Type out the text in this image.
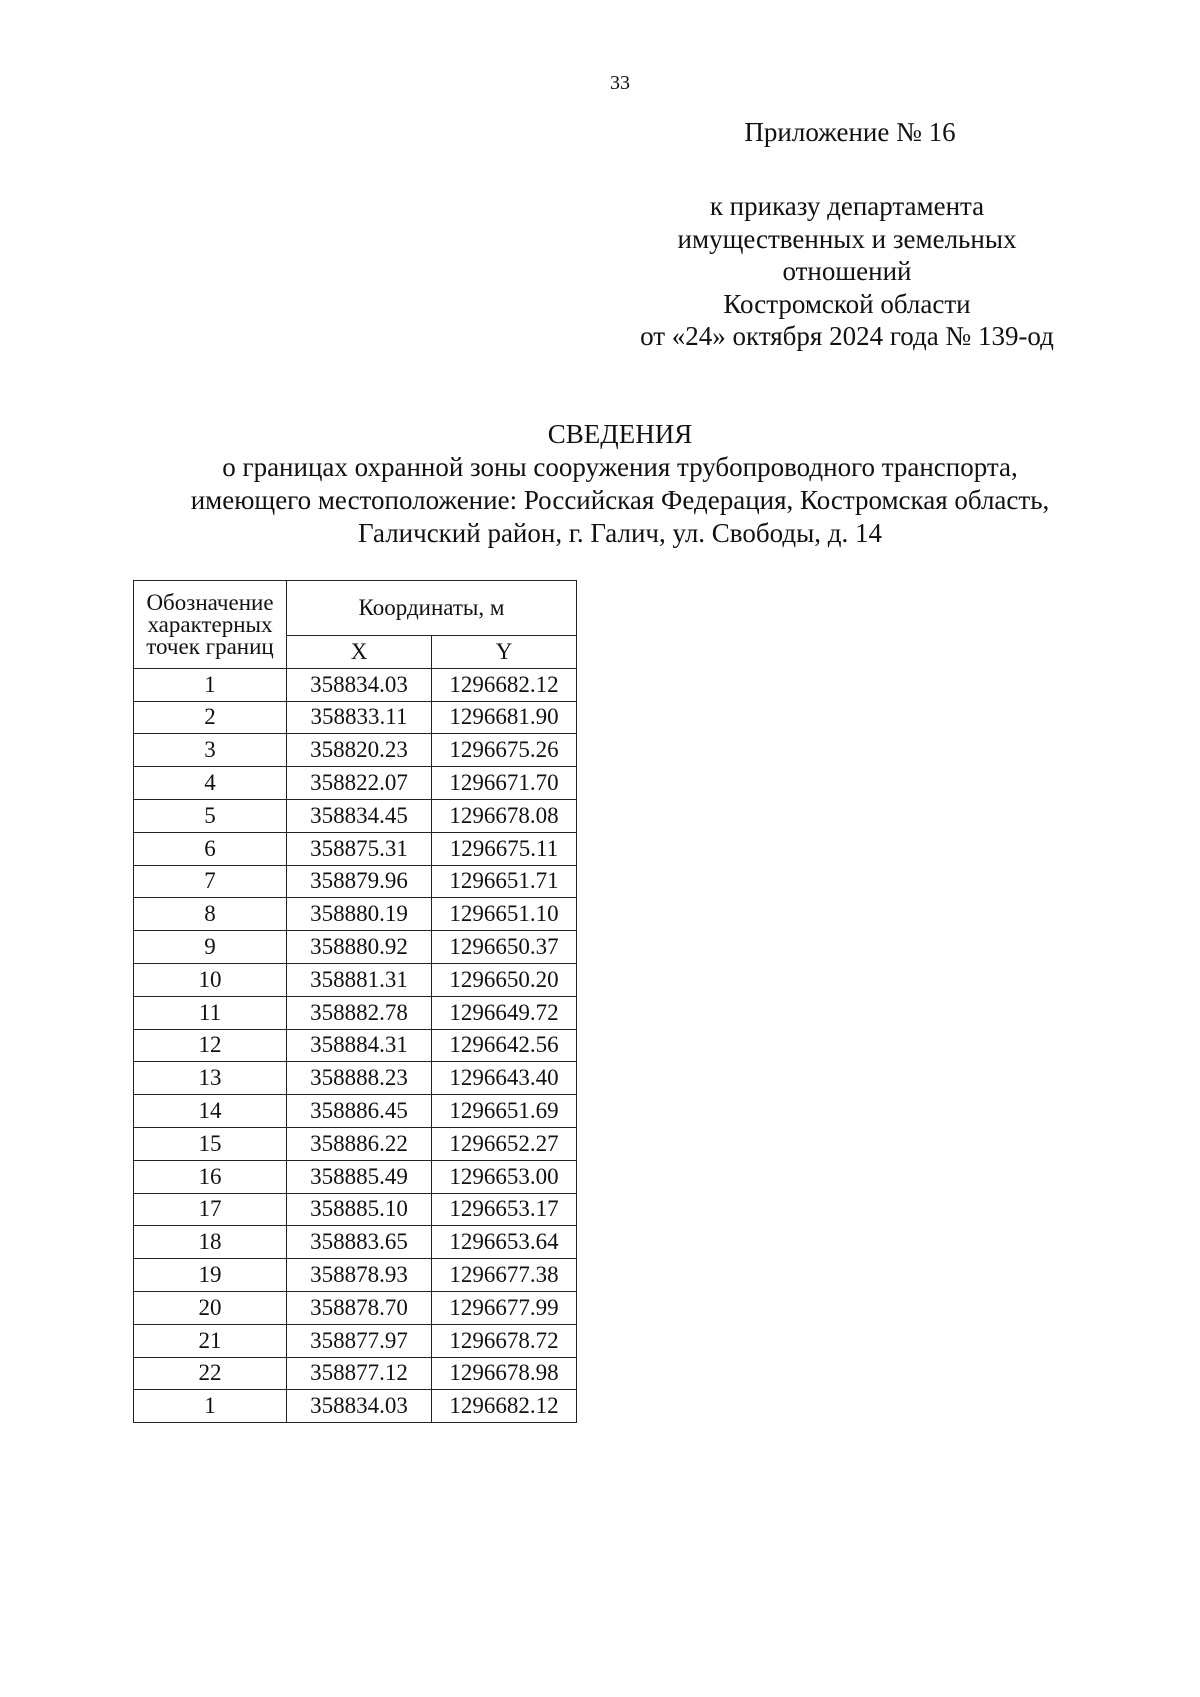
33
Приложение № 16
к приказу департамента
имущественных и земельных
отношений
Костромской области
от «24» октября 2024 года № 139-од
СВЕДЕНИЯ
о границах охранной зоны сооружения трубопроводного транспорта,
имеющего местоположение: Российская Федерация, Костромская область,
Галичский район, г. Галич, ул. Свободы, д. 14
Обозначение характерных точек границ	Координаты, м	
	X	Y
1	358834.03	1296682.12
2	358833.11	1296681.90
3	358820.23	1296675.26
4	358822.07	1296671.70
5	358834.45	1296678.08
6	358875.31	1296675.11
7	358879.96	1296651.71
8	358880.19	1296651.10
9	358880.92	1296650.37
10	358881.31	1296650.20
11	358882.78	1296649.72
12	358884.31	1296642.56
13	358888.23	1296643.40
14	358886.45	1296651.69
15	358886.22	1296652.27
16	358885.49	1296653.00
17	358885.10	1296653.17
18	358883.65	1296653.64
19	358878.93	1296677.38
20	358878.70	1296677.99
21	358877.97	1296678.72
22	358877.12	1296678.98
1	358834.03	1296682.12
